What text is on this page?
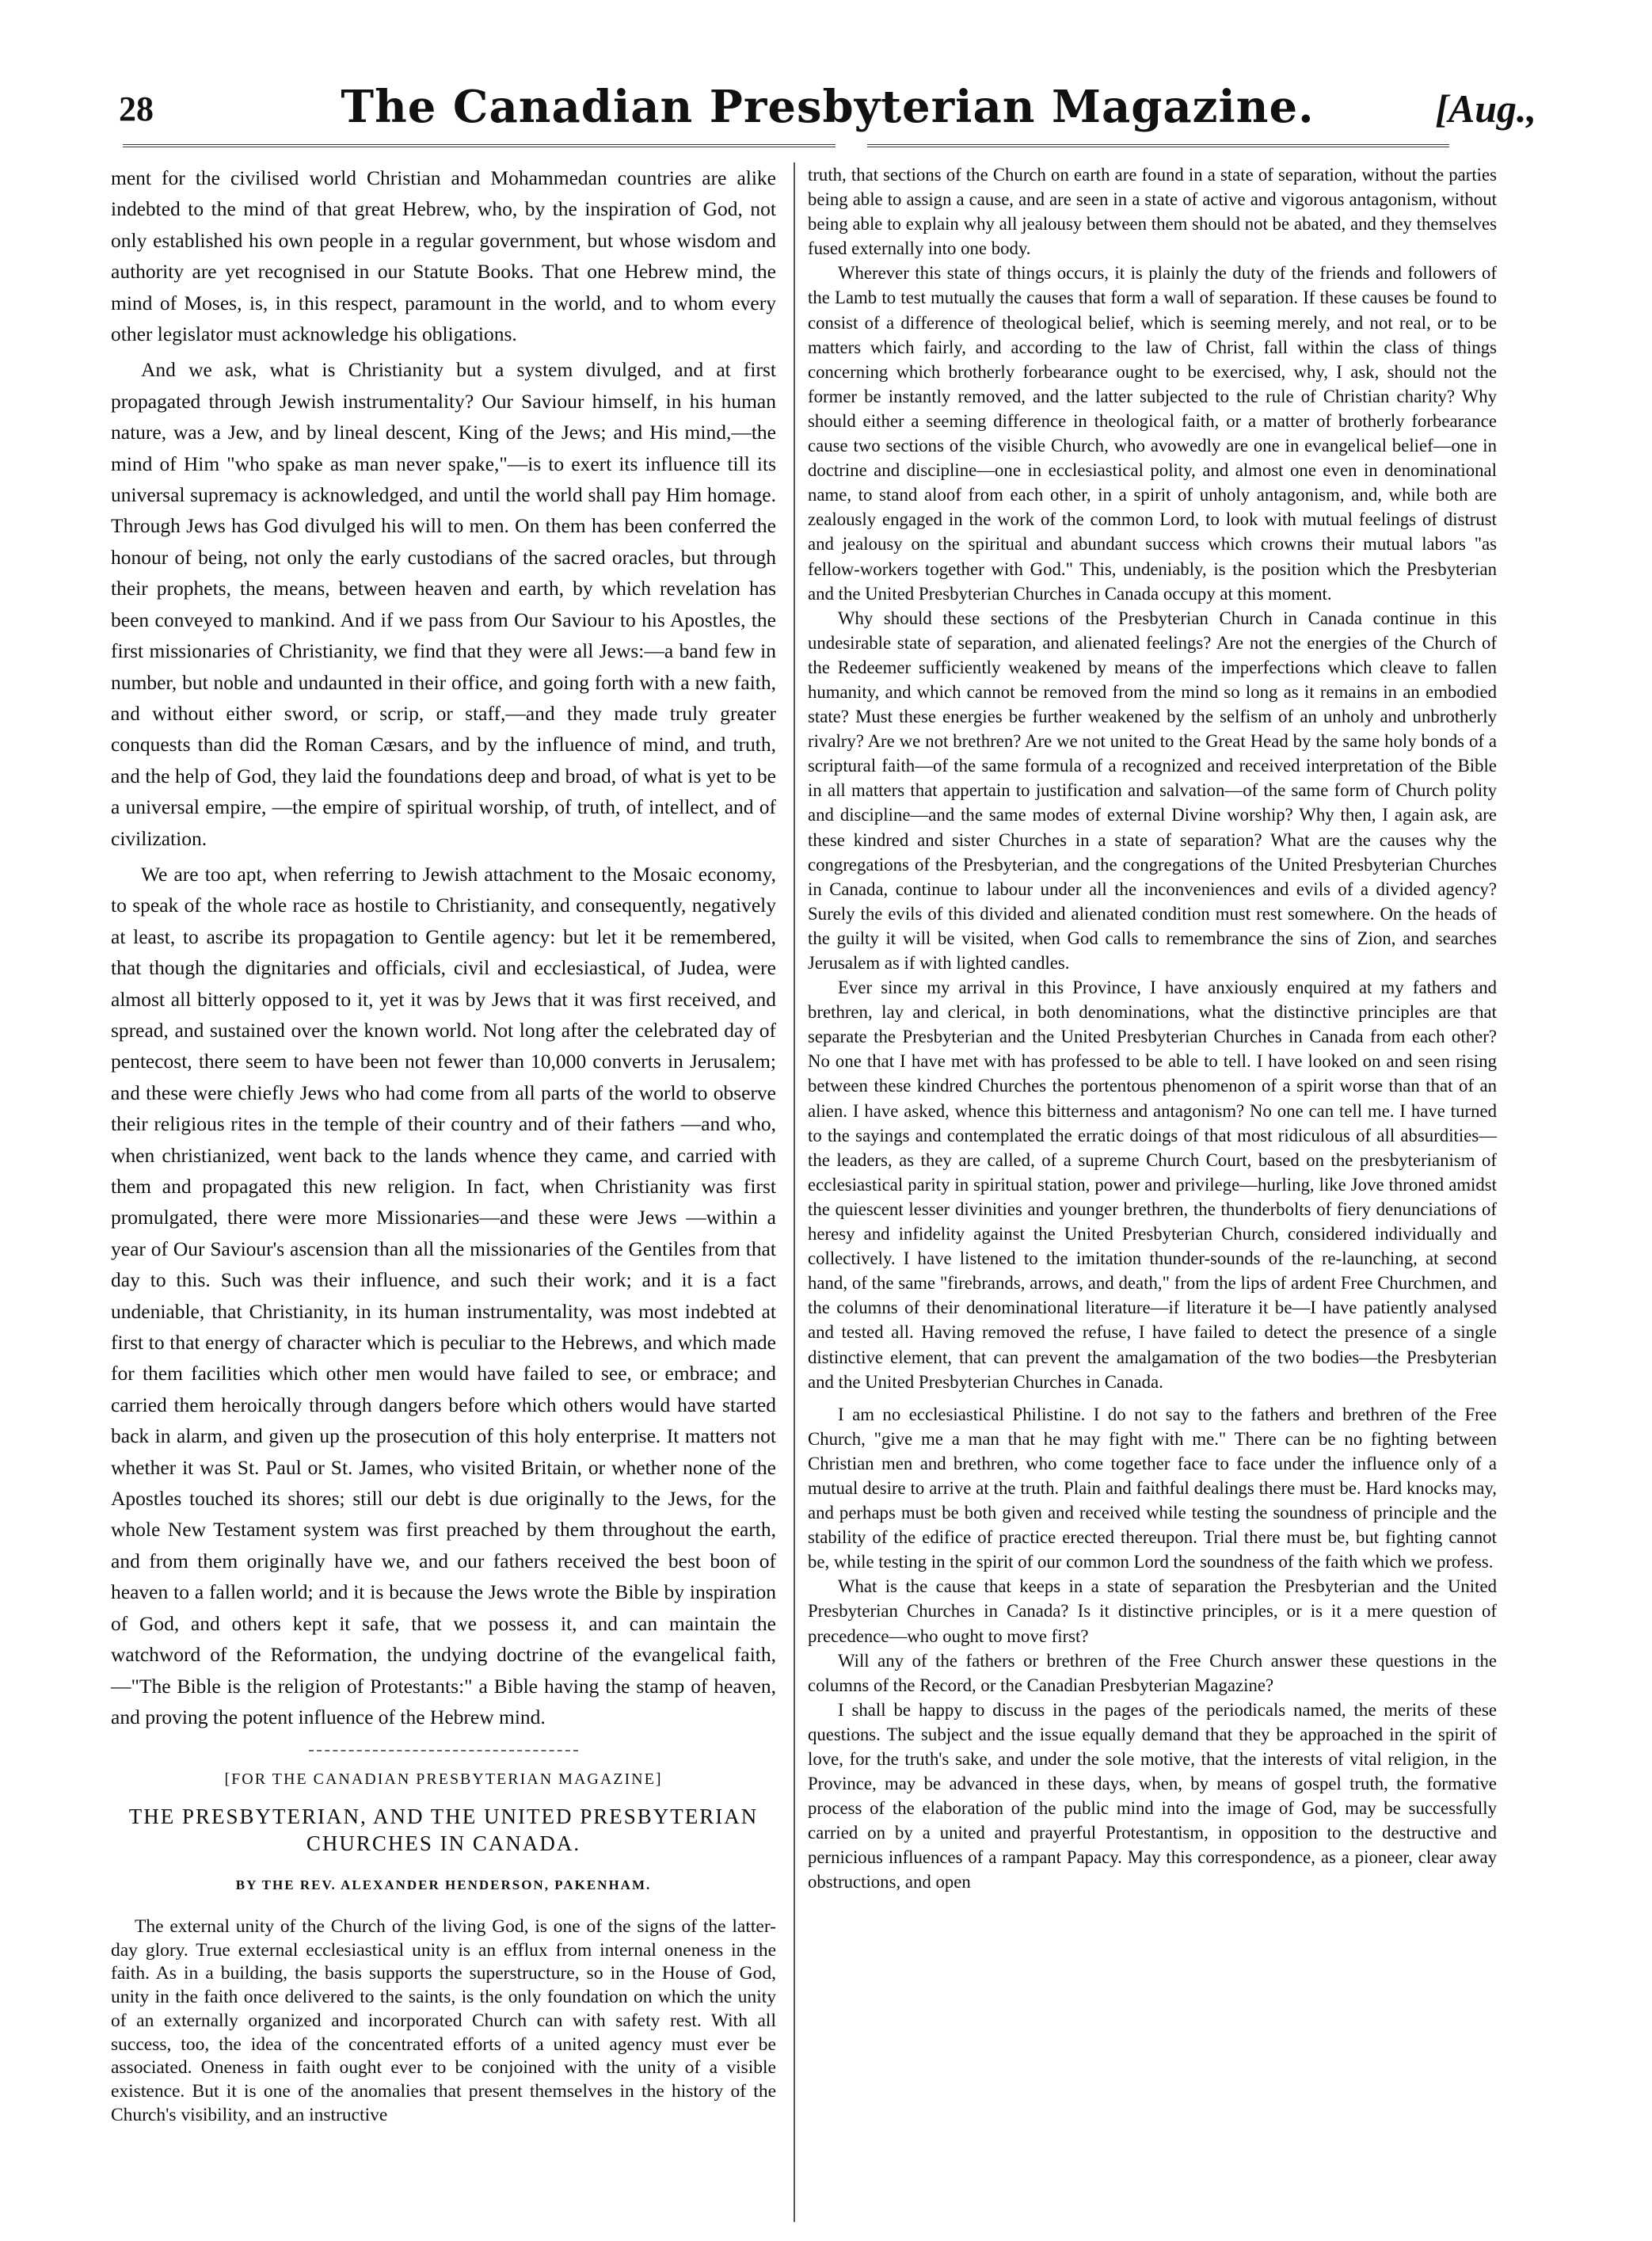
28	The Canadian Presbyterian Magazine.	[Aug.,

ment for the civilised world Christian and Mohammedan countries are alike indebted to the mind of that great Hebrew, who, by the inspiration of God, not only established his own people in a regular government, but whose wisdom and authority are yet recognised in our Statute Books. That one Hebrew mind, the mind of Moses, is, in this respect, paramount in the world, and to whom every other legislator must acknowledge his obligations.

And we ask, what is Christianity but a system divulged, and at first propagated through Jewish instrumentality? Our Saviour himself, in his human nature, was a Jew, and by lineal descent, King of the Jews; and His mind,—the mind of Him "who spake as man never spake,"—is to exert its influence till its universal supremacy is acknowledged, and until the world shall pay Him homage. Through Jews has God divulged his will to men. On them has been conferred the honour of being, not only the early custodians of the sacred oracles, but through their prophets, the means, between heaven and earth, by which revelation has been conveyed to mankind. And if we pass from Our Saviour to his Apostles, the first missionaries of Christianity, we find that they were all Jews:—a band few in number, but noble and undaunted in their office, and going forth with a new faith, and without either sword, or scrip, or staff,—and they made truly greater conquests than did the Roman Cæsars, and by the influence of mind, and truth, and the help of God, they laid the foundations deep and broad, of what is yet to be a universal empire, —the empire of spiritual worship, of truth, of intellect, and of civilization.

We are too apt, when referring to Jewish attachment to the Mosaic economy, to speak of the whole race as hostile to Christianity, and consequently, negatively at least, to ascribe its propagation to Gentile agency: but let it be remembered, that though the dignitaries and officials, civil and ecclesiastical, of Judea, were almost all bitterly opposed to it, yet it was by Jews that it was first received, and spread, and sustained over the known world. Not long after the celebrated day of pentecost, there seem to have been not fewer than 10,000 converts in Jerusalem; and these were chiefly Jews who had come from all parts of the world to observe their religious rites in the temple of their country and of their fathers —and who, when christianized, went back to the lands whence they came, and carried with them and propagated this new religion. In fact, when Christianity was first promulgated, there were more Missionaries—and these were Jews —within a year of Our Saviour's ascension than all the missionaries of the Gentiles from that day to this. Such was their influence, and such their work; and it is a fact undeniable, that Christianity, in its human instrumentality, was most indebted at first to that energy of character which is peculiar to the Hebrews, and which made for them facilities which other men would have failed to see, or embrace; and carried them heroically through dangers before which others would have started back in alarm, and given up the prosecution of this holy enterprise. It matters not whether it was St. Paul or St. James, who visited Britain, or whether none of the Apostles touched its shores; still our debt is due originally to the Jews, for the whole New Testament system was first preached by them throughout the earth, and from them originally have we, and our fathers received the best boon of heaven to a fallen world; and it is because the Jews wrote the Bible by inspiration of God, and others kept it safe, that we possess it, and can maintain the watchword of the Reformation, the undying doctrine of the evangelical faith,—"The Bible is the religion of Protestants:" a Bible having the stamp of heaven, and proving the potent influence of the Hebrew mind.

[FOR THE CANADIAN PRESBYTERIAN MAGAZINE]
THE PRESBYTERIAN, AND THE UNITED PRESBYTERIAN CHURCHES IN CANADA.
BY THE REV. ALEXANDER HENDERSON, PAKENHAM.

The external unity of the Church of the living God, is one of the signs of the latter-day glory. True external ecclesiastical unity is an efflux from internal oneness in the faith. As in a building, the basis supports the superstructure, so in the House of God, unity in the faith once delivered to the saints, is the only foundation on which the unity of an externally organized and incorporated Church can with safety rest. With all success, too, the idea of the concentrated efforts of a united agency must ever be associated. Oneness in faith ought ever to be conjoined with the unity of a visible existence. But it is one of the anomalies that present themselves in the history of the Church's visibility, and an instructive

truth, that sections of the Church on earth are found in a state of separation, without the parties being able to assign a cause, and are seen in a state of active and vigorous antagonism, without being able to explain why all jealousy between them should not be abated, and they themselves fused externally into one body.

Wherever this state of things occurs, it is plainly the duty of the friends and followers of the Lamb to test mutually the causes that form a wall of separation. If these causes be found to consist of a difference of theological belief, which is seeming merely, and not real, or to be matters which fairly, and according to the law of Christ, fall within the class of things concerning which brotherly forbearance ought to be exercised, why, I ask, should not the former be instantly removed, and the latter subjected to the rule of Christian charity? Why should either a seeming difference in theological faith, or a matter of brotherly forbearance cause two sections of the visible Church, who avowedly are one in evangelical belief—one in doctrine and discipline—one in ecclesiastical polity, and almost one even in denominational name, to stand aloof from each other, in a spirit of unholy antagonism, and, while both are zealously engaged in the work of the common Lord, to look with mutual feelings of distrust and jealousy on the spiritual and abundant success which crowns their mutual labors "as fellow-workers together with God." This, undeniably, is the position which the Presbyterian and the United Presbyterian Churches in Canada occupy at this moment.

Why should these sections of the Presbyterian Church in Canada continue in this undesirable state of separation, and alienated feelings? Are not the energies of the Church of the Redeemer sufficiently weakened by means of the imperfections which cleave to fallen humanity, and which cannot be removed from the mind so long as it remains in an embodied state? Must these energies be further weakened by the selfism of an unholy and unbrotherly rivalry? Are we not brethren? Are we not united to the Great Head by the same holy bonds of a scriptural faith—of the same formula of a recognized and received interpretation of the Bible in all matters that appertain to justification and salvation—of the same form of Church polity and discipline—and the same modes of external Divine worship? Why then, I again ask, are these kindred and sister Churches in a state of separation? What are the causes why the congregations of the Presbyterian, and the congregations of the United Presbyterian Churches in Canada, continue to labour under all the inconveniences and evils of a divided agency? Surely the evils of this divided and alienated condition must rest somewhere. On the heads of the guilty it will be visited, when God calls to remembrance the sins of Zion, and searches Jerusalem as if with lighted candles.

Ever since my arrival in this Province, I have anxiously enquired at my fathers and brethren, lay and clerical, in both denominations, what the distinctive principles are that separate the Presbyterian and the United Presbyterian Churches in Canada from each other? No one that I have met with has professed to be able to tell. I have looked on and seen rising between these kindred Churches the portentous phenomenon of a spirit worse than that of an alien. I have asked, whence this bitterness and antagonism? No one can tell me. I have turned to the sayings and contemplated the erratic doings of that most ridiculous of all absurdities—the leaders, as they are called, of a supreme Church Court, based on the presbyterianism of ecclesiastical parity in spiritual station, power and privilege—hurling, like Jove throned amidst the quiescent lesser divinities and younger brethren, the thunderbolts of fiery denunciations of heresy and infidelity against the United Presbyterian Church, considered individually and collectively. I have listened to the imitation thunder-sounds of the re-launching, at second hand, of the same "firebrands, arrows, and death," from the lips of ardent Free Churchmen, and the columns of their denominational literature—if literature it be—I have patiently analysed and tested all. Having removed the refuse, I have failed to detect the presence of a single distinctive element, that can prevent the amalgamation of the two bodies—the Presbyterian and the United Presbyterian Churches in Canada.

I am no ecclesiastical Philistine. I do not say to the fathers and brethren of the Free Church, "give me a man that he may fight with me." There can be no fighting between Christian men and brethren, who come together face to face under the influence only of a mutual desire to arrive at the truth. Plain and faithful dealings there must be. Hard knocks may, and perhaps must be both given and received while testing the soundness of principle and the stability of the edifice of practice erected thereupon. Trial there must be, but fighting cannot be, while testing in the spirit of our common Lord the soundness of the faith which we profess.

What is the cause that keeps in a state of separation the Presbyterian and the United Presbyterian Churches in Canada? Is it distinctive principles, or is it a mere question of precedence—who ought to move first?

Will any of the fathers or brethren of the Free Church answer these questions in the columns of the Record, or the Canadian Presbyterian Magazine?

I shall be happy to discuss in the pages of the periodicals named, the merits of these questions. The subject and the issue equally demand that they be approached in the spirit of love, for the truth's sake, and under the sole motive, that the interests of vital religion, in the Province, may be advanced in these days, when, by means of gospel truth, the formative process of the elaboration of the public mind into the image of God, may be successfully carried on by a united and prayerful Protestantism, in opposition to the destructive and pernicious influences of a rampant Papacy. May this correspondence, as a pioneer, clear away obstructions, and open
